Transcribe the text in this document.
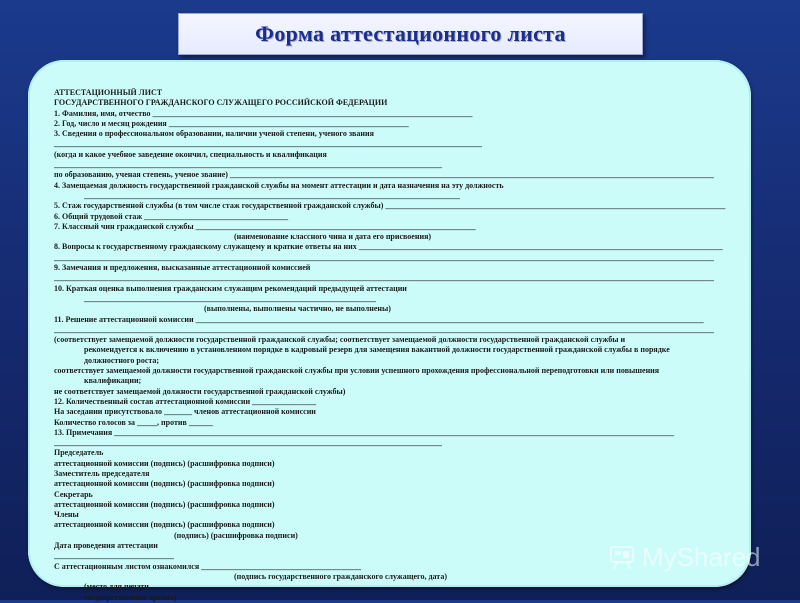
Форма аттестационного листа
АТТЕСТАЦИОННЫЙ ЛИСТ
ГОСУДАРСТВЕННОГО ГРАЖДАНСКОГО СЛУЖАЩЕГО РОССИЙСКОЙ ФЕДЕРАЦИИ
1. Фамилия, имя, отчество ________________________________________________________________________________
2. Год, число и месяц рождения ____________________________________________________________
3. Сведения о профессиональном образовании, наличии ученой степени, ученого звания
___________________________________________________________________________________________________________
(когда и какое учебное заведение окончил, специальность и квалификация
_________________________________________________________________________________________________
по образованию, ученая степень, ученое звание) _________________________________________________________________________________________________________________________
4. Замещаемая должность государственной гражданской службы на момент аттестации и дата назначения на эту должность
______________________________________________________________________________________________
5. Стаж государственной службы (в том числе стаж государственной гражданской службы) _____________________________________________________________________________________
6. Общий трудовой стаж ____________________________________
7. Классный чин гражданской службы ______________________________________________________________________
(наименование классного чина и дата его присвоения)
8. Вопросы к государственному гражданскому служащему и краткие ответы на них ___________________________________________________________________________________________
_____________________________________________________________________________________________________________________________________________________________________
9. Замечания и предложения, высказанные аттестационной комиссией
_____________________________________________________________________________________________________________________________________________________________________
10. Краткая оценка выполнения гражданским служащим рекомендаций предыдущей аттестации
_________________________________________________________________________
(выполнены, выполнены частично, не выполнены)
11. Решение аттестационной комиссии _______________________________________________________________________________________________________________________________
_____________________________________________________________________________________________________________________________________________________________________
(соответствует замещаемой должности государственной гражданской службы; соответствует замещаемой должности государственной гражданской службы и
рекомендуется к включению в установленном порядке в кадровый резерв для замещения вакантной должности государственной гражданской службы в порядке
должностного роста;
соответствует замещаемой должности государственной гражданской службы при условии успешного прохождения профессиональной переподготовки или повышения
квалификации;
не соответствует замещаемой должности государственной гражданской службы)
12. Количественный состав аттестационной комиссии ________________
На заседании присутствовало _______ членов аттестационной комиссии
Количество голосов за _____, против ______
13. Примечания ____________________________________________________________________________________________________________________________________________
_________________________________________________________________________________________________
Председатель
аттестационной комиссии (подпись) (расшифровка подписи)
Заместитель председателя
аттестационной комиссии (подпись) (расшифровка подписи)
Секретарь
аттестационной комиссии (подпись) (расшифровка подписи)
Члены
аттестационной комиссии (подпись) (расшифровка подписи)
(подпись) (расшифровка подписи)
Дата проведения аттестации
______________________________
С аттестационным листом ознакомился ________________________________________
(подпись государственного гражданского служащего, дата)
(место для печати
государственного органа)
MyShared
